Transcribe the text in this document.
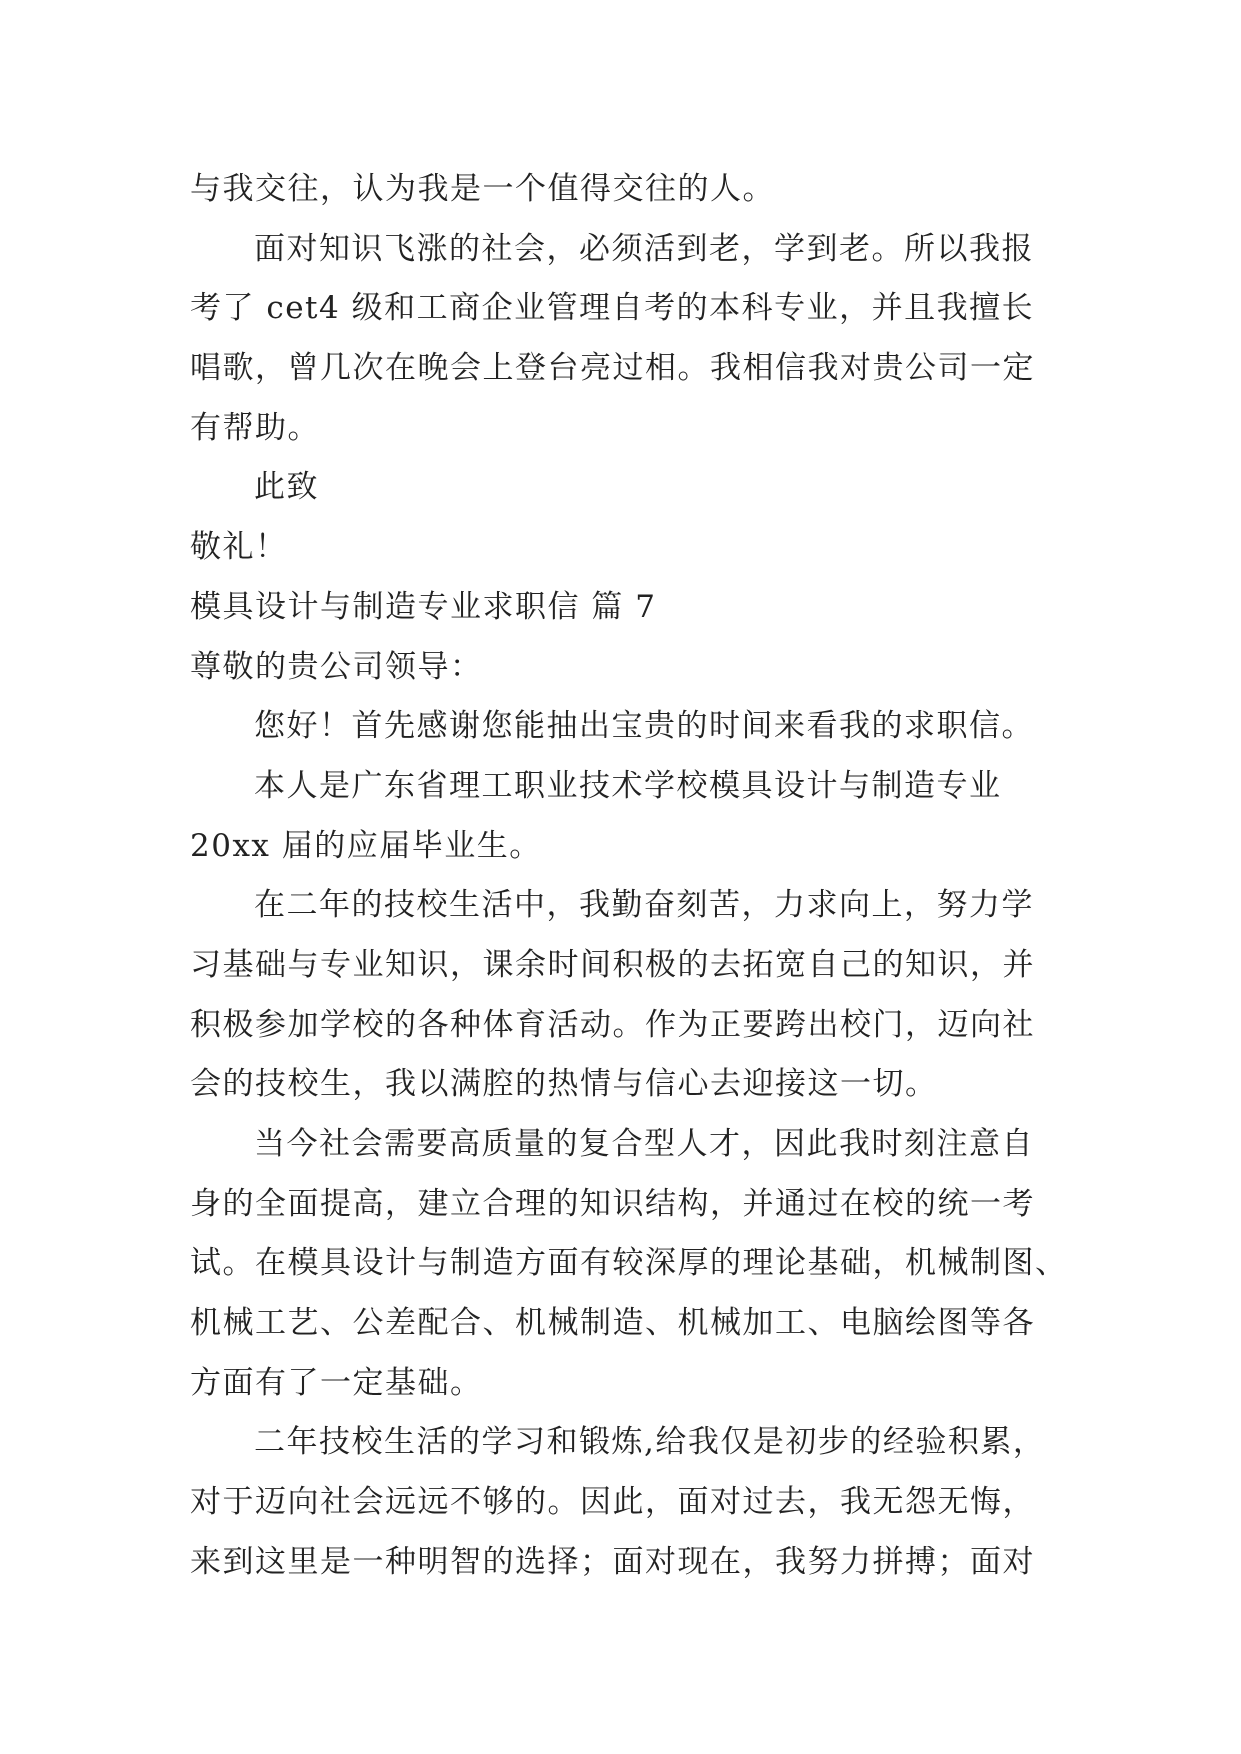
与我交往，认为我是一个值得交往的人。
面对知识飞涨的社会，必须活到老，学到老。所以我报
考了 cet4 级和工商企业管理自考的本科专业，并且我擅长
唱歌，曾几次在晚会上登台亮过相。我相信我对贵公司一定
有帮助。
此致
敬礼！
模具设计与制造专业求职信 篇 7
尊敬的贵公司领导：
您好！首先感谢您能抽出宝贵的时间来看我的求职信。
本人是广东省理工职业技术学校模具设计与制造专业
20xx 届的应届毕业生。
在二年的技校生活中，我勤奋刻苦，力求向上，努力学
习基础与专业知识，课余时间积极的去拓宽自己的知识，并
积极参加学校的各种体育活动。作为正要跨出校门，迈向社
会的技校生，我以满腔的热情与信心去迎接这一切。
当今社会需要高质量的复合型人才，因此我时刻注意自
身的全面提高，建立合理的知识结构，并通过在校的统一考
试。在模具设计与制造方面有较深厚的理论基础，机械制图、
机械工艺、公差配合、机械制造、机械加工、电脑绘图等各
方面有了一定基础。
二年技校生活的学习和锻炼,给我仅是初步的经验积累，
对于迈向社会远远不够的。因此，面对过去，我无怨无悔，
来到这里是一种明智的选择；面对现在，我努力拼搏；面对
